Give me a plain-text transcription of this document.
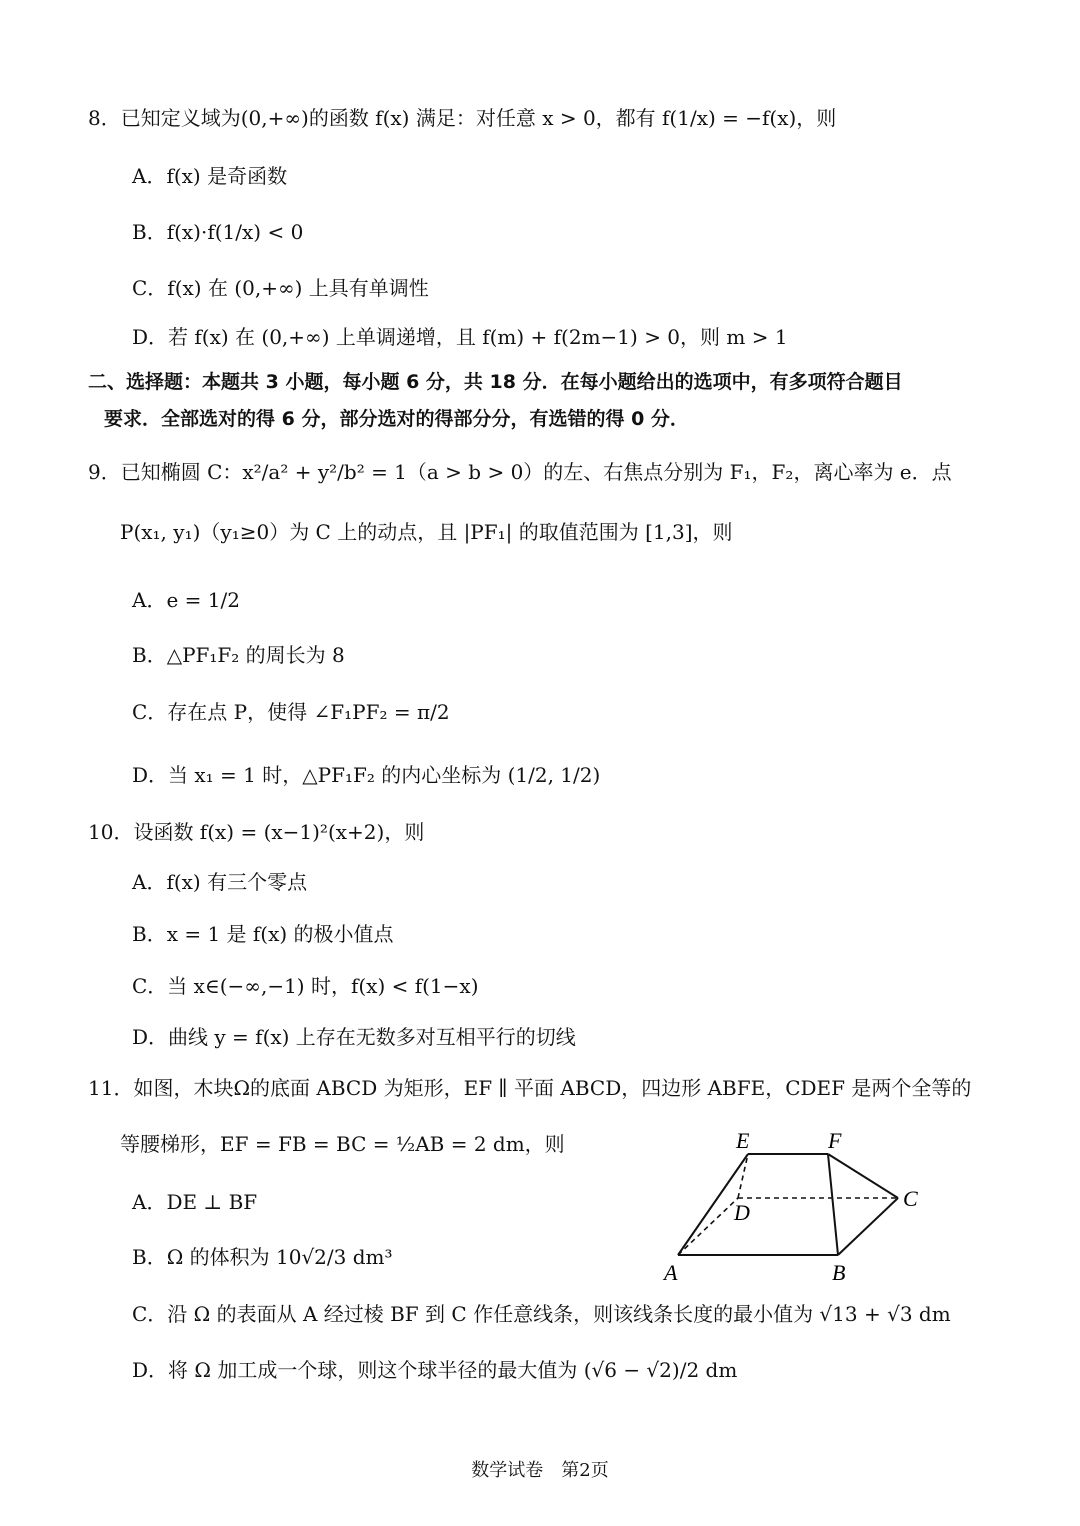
8．已知定义域为(0,+∞)的函数 f(x) 满足：对任意 x > 0，都有 f(1/x) = −f(x)，则
A．f(x) 是奇函数
B．f(x)·f(1/x) < 0
C．f(x) 在 (0,+∞) 上具有单调性
D．若 f(x) 在 (0,+∞) 上单调递增，且 f(m) + f(2m−1) > 0，则 m > 1
二、选择题：本题共 3 小题，每小题 6 分，共 18 分．在每小题给出的选项中，有多项符合题目
要求．全部选对的得 6 分，部分选对的得部分分，有选错的得 0 分．
9．已知椭圆 C：x²/a² + y²/b² = 1（a > b > 0）的左、右焦点分别为 F₁，F₂，离心率为 e．点
P(x₁, y₁)（y₁≥0）为 C 上的动点，且 |PF₁| 的取值范围为 [1,3]，则
A．e = 1/2
B．△PF₁F₂ 的周长为 8
C．存在点 P，使得 ∠F₁PF₂ = π/2
D．当 x₁ = 1 时，△PF₁F₂ 的内心坐标为 (1/2, 1/2)
10．设函数 f(x) = (x−1)²(x+2)，则
A．f(x) 有三个零点
B．x = 1 是 f(x) 的极小值点
C．当 x∈(−∞,−1) 时，f(x) < f(1−x)
D．曲线 y = f(x) 上存在无数多对互相平行的切线
11．如图，木块Ω的底面 ABCD 为矩形，EF ∥ 平面 ABCD，四边形 ABFE，CDEF 是两个全等的
等腰梯形，EF = FB = BC = ½AB = 2 dm，则
A．DE ⊥ BF
B．Ω 的体积为 10√2/3 dm³
C．沿 Ω 的表面从 A 经过棱 BF 到 C 作任意线条，则该线条长度的最小值为 √13 + √3 dm
D．将 Ω 加工成一个球，则这个球半径的最大值为 (√6 − √2)/2 dm
E	F
C
D
A	B
数学试卷　第2页
